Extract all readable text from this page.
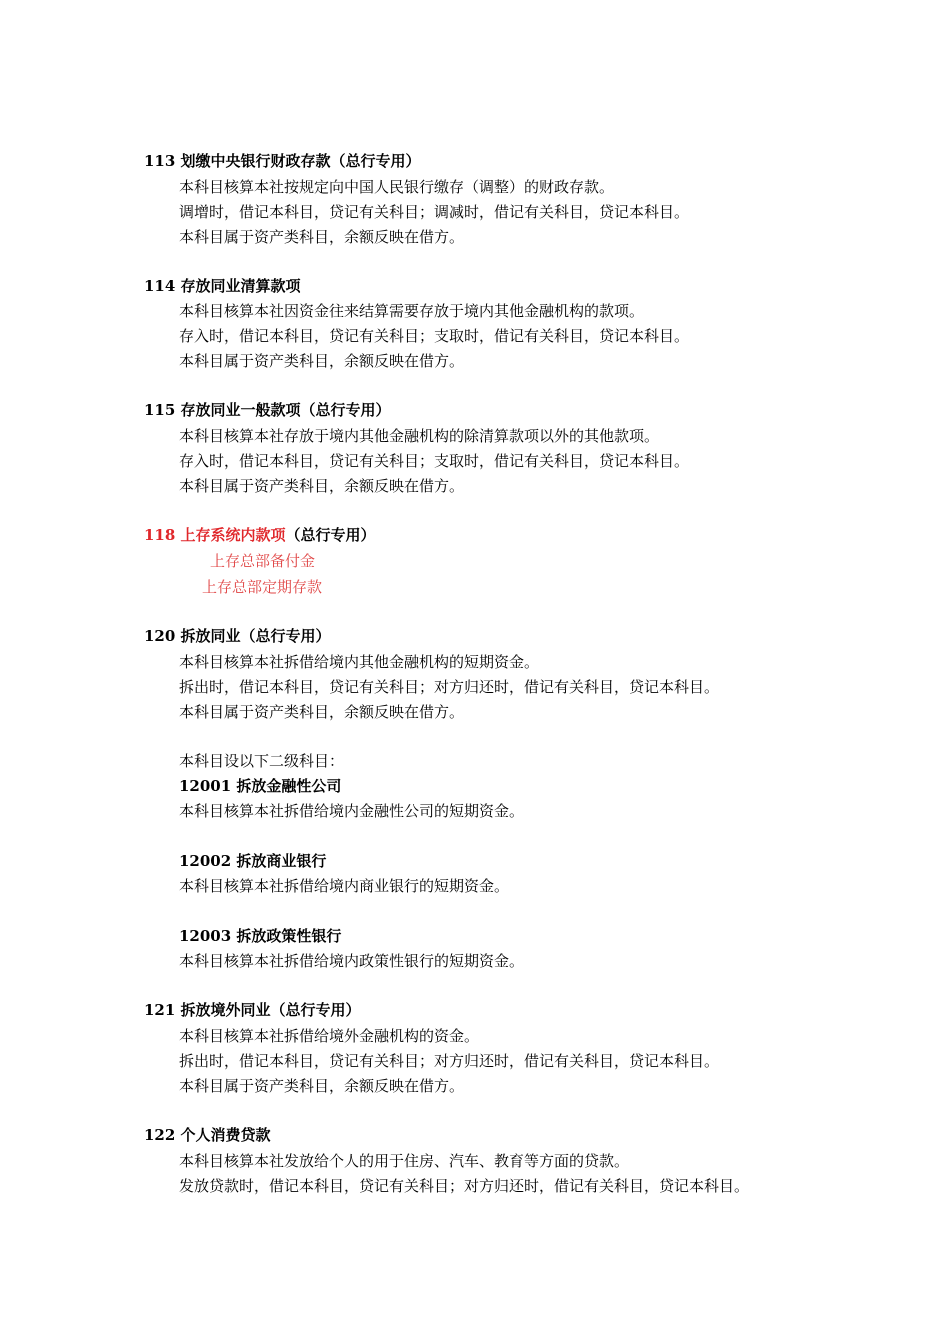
113 划缴中央银行财政存款（总行专用）
本科目核算本社按规定向中国人民银行缴存（调整）的财政存款。
调增时，借记本科目，贷记有关科目；调减时，借记有关科目，贷记本科目。
本科目属于资产类科目，余额反映在借方。
114 存放同业清算款项
本科目核算本社因资金往来结算需要存放于境内其他金融机构的款项。
存入时，借记本科目，贷记有关科目；支取时，借记有关科目，贷记本科目。
本科目属于资产类科目，余额反映在借方。
115 存放同业一般款项（总行专用）
本科目核算本社存放于境内其他金融机构的除清算款项以外的其他款项。
存入时，借记本科目，贷记有关科目；支取时，借记有关科目，贷记本科目。
本科目属于资产类科目，余额反映在借方。
118 上存系统内款项（总行专用）
上存总部备付金
上存总部定期存款
120 拆放同业（总行专用）
本科目核算本社拆借给境内其他金融机构的短期资金。
拆出时，借记本科目，贷记有关科目；对方归还时，借记有关科目，贷记本科目。
本科目属于资产类科目，余额反映在借方。
本科目设以下二级科目：
12001 拆放金融性公司
本科目核算本社拆借给境内金融性公司的短期资金。
12002 拆放商业银行
本科目核算本社拆借给境内商业银行的短期资金。
12003 拆放政策性银行
本科目核算本社拆借给境内政策性银行的短期资金。
121 拆放境外同业（总行专用）
本科目核算本社拆借给境外金融机构的资金。
拆出时，借记本科目，贷记有关科目；对方归还时，借记有关科目，贷记本科目。
本科目属于资产类科目，余额反映在借方。
122 个人消费贷款
本科目核算本社发放给个人的用于住房、汽车、教育等方面的贷款。
发放贷款时，借记本科目，贷记有关科目；对方归还时，借记有关科目，贷记本科目。
